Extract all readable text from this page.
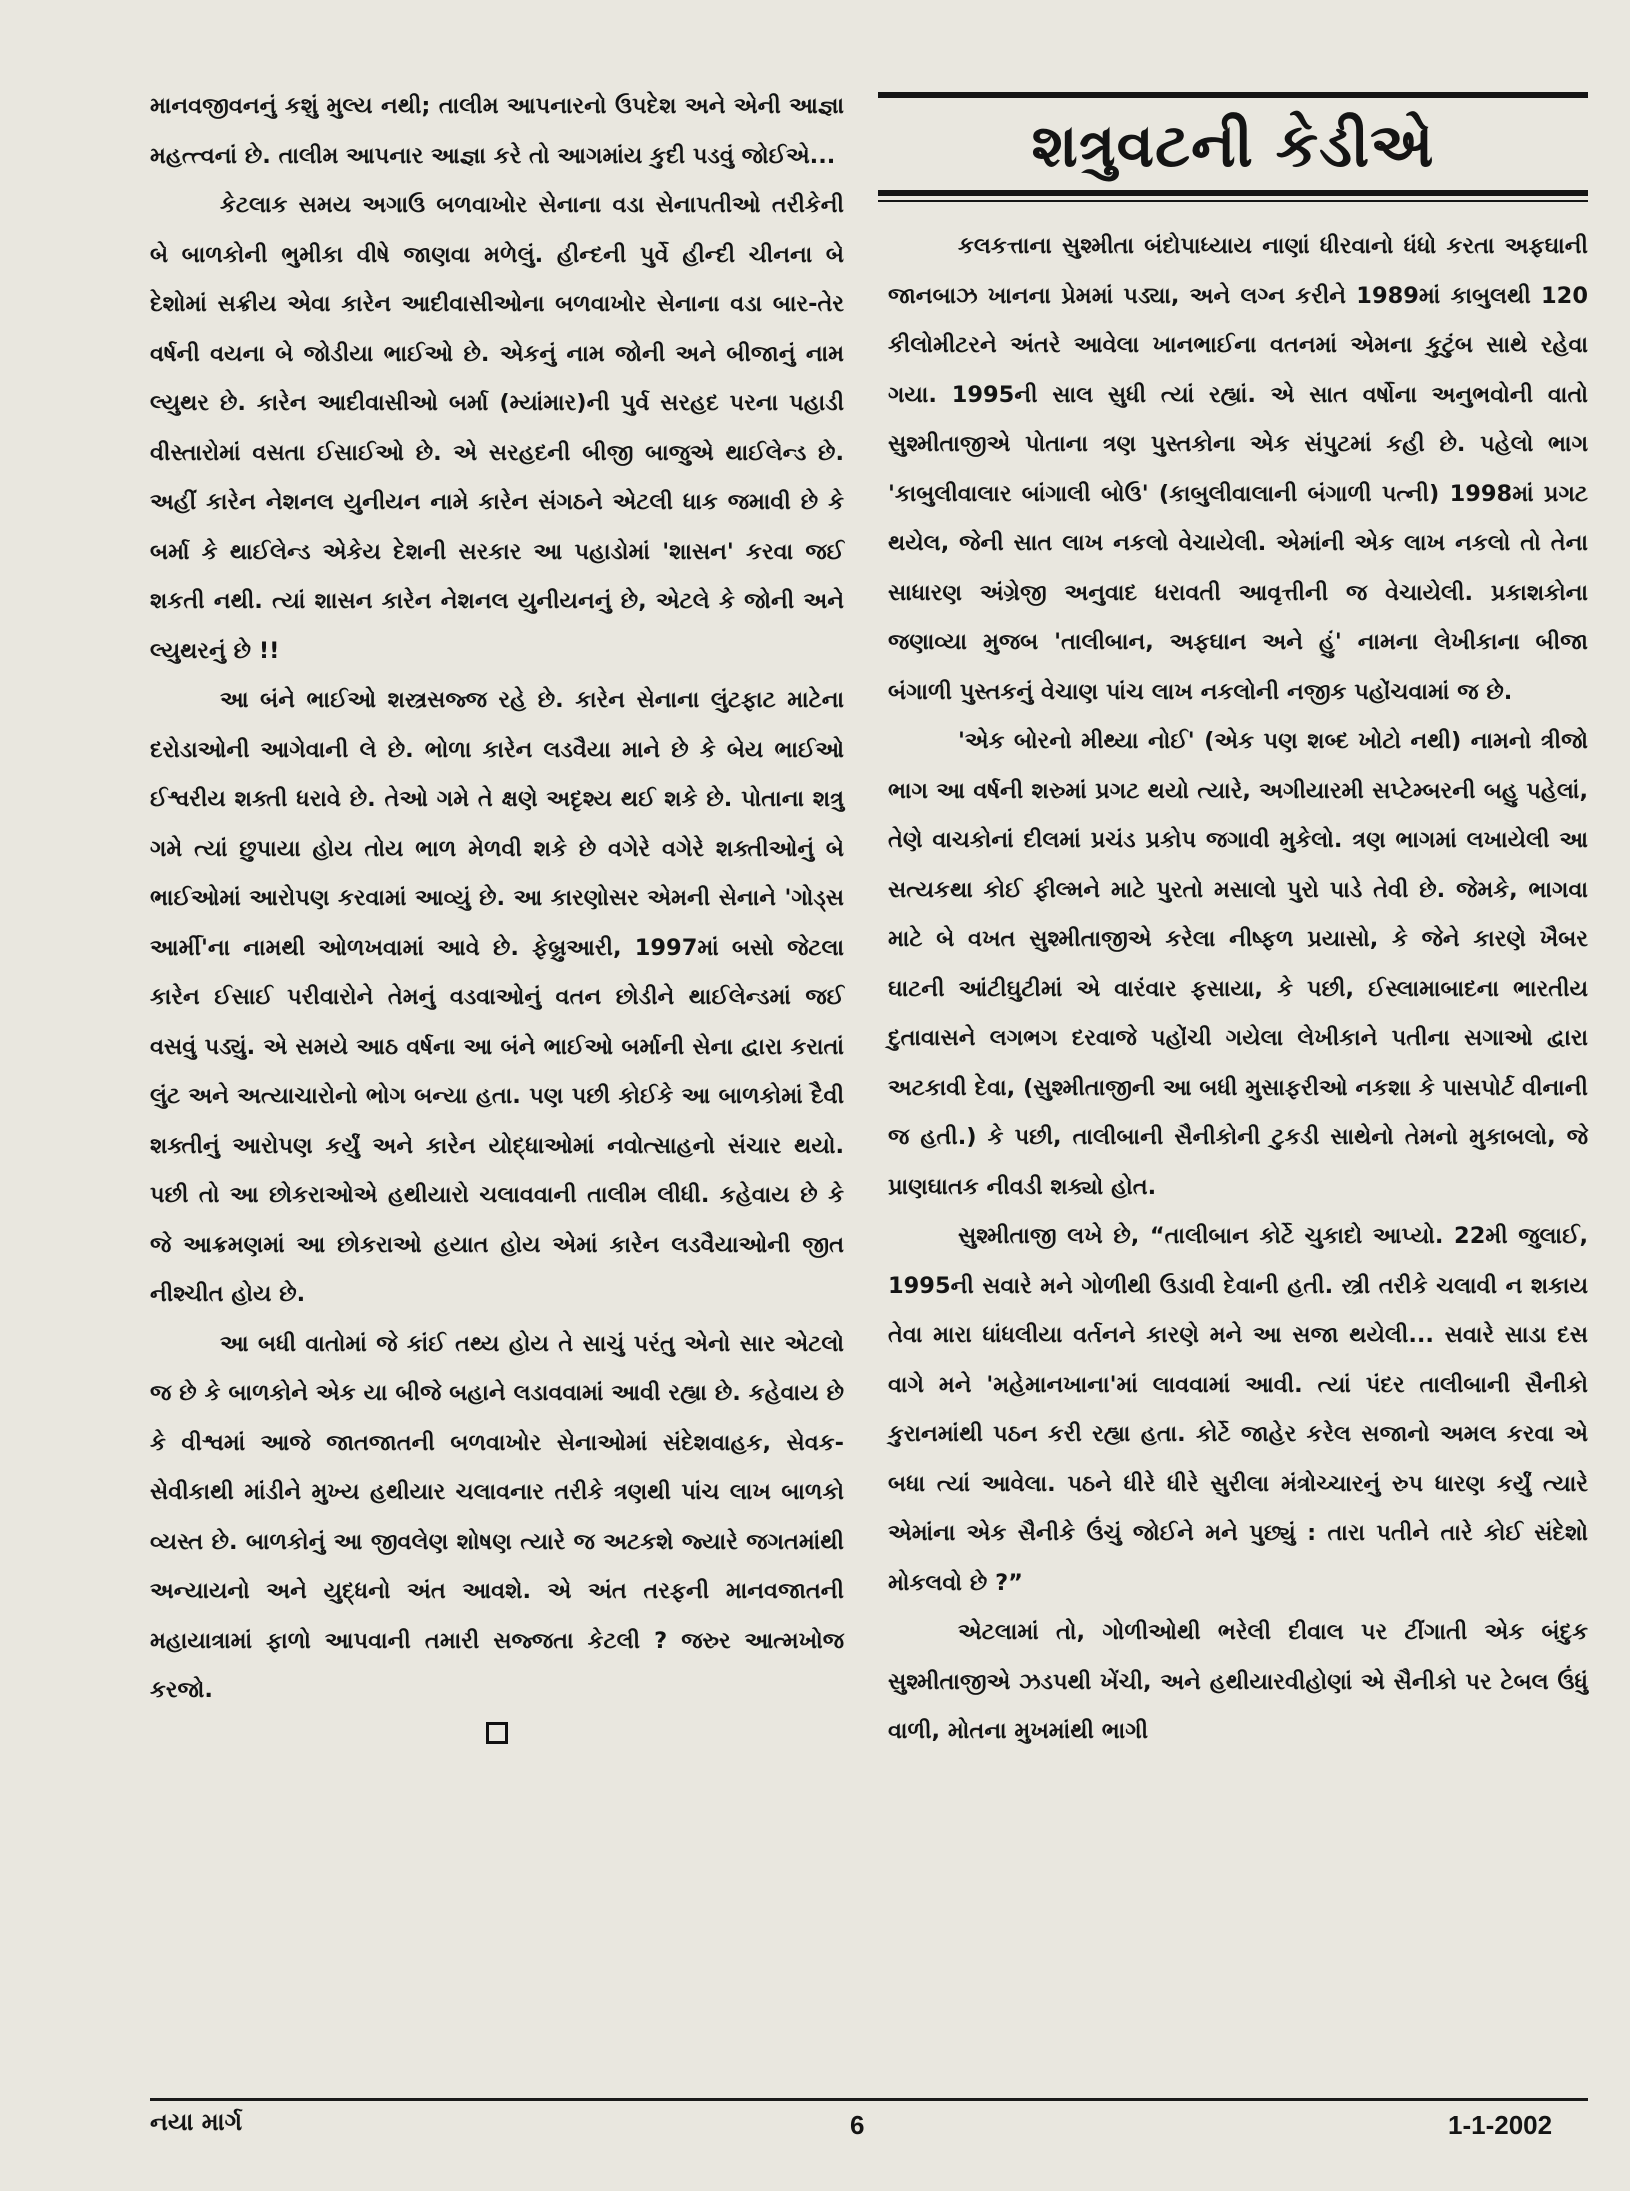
માનવજીવનનું કશું મુલ્ય નથી; તાલીમ આપનારનો ઉપદેશ અને એની આજ્ઞા મહત્ત્વનાં છે. તાલીમ આપનાર આજ્ઞા કરે તો આગમાંય કુદી પડવું જોઈએ...

કેટલાક સમય અગાઉ બળવાખોર સેનાના વડા સેનાપતીઓ તરીકેની બે બાળકોની ભુમીકા વીષે જાણવા મળેલું. હીન્દની પુર્વે હીન્દી ચીનના બે દેશોમાં સક્રીય એવા કારેન આદીવાસીઓના બળવાખોર સેનાના વડા બાર-તેર વર્ષની વયના બે જોડીયા ભાઈઓ છે. એકનું નામ જોની અને બીજાનું નામ લ્યુથર છે. કારેન આદીવાસીઓ બર્મા (મ્યાંમાર)ની પુર્વ સરહદ પરના પહાડી વીસ્તારોમાં વસતા ઈસાઈઓ છે. એ સરહદની બીજી બાજુએ થાઈલેન્ડ છે. અહીં કારેન નેશનલ યુનીયન નામે કારેન સંગઠને એટલી ધાક જમાવી છે કે બર્મા કે થાઈલેન્ડ એકેય દેશની સરકાર આ પહાડોમાં 'શાસન' કરવા જઈ શકતી નથી. ત્યાં શાસન કારેન નેશનલ યુનીયનનું છે, એટલે કે જોની અને લ્યુથરનું છે !!

આ બંને ભાઈઓ શસ્ત્રસજ્જ રહે છે. કારેન સેનાના લુંટફાટ માટેના દરોડાઓની આગેવાની લે છે. ભોળા કારેન લડવૈયા માને છે કે બેય ભાઈઓ ઈશ્વરીય શક્તી ધરાવે છે. તેઓ ગમે તે ક્ષણે અદૃશ્ય થઈ શકે છે. પોતાના શત્રુ ગમે ત્યાં છુપાયા હોય તોય ભાળ મેળવી શકે છે વગેરે વગેરે શક્તીઓનું બે ભાઈઓમાં આરોપણ કરવામાં આવ્યું છે. આ કારણોસર એમની સેનાને 'ગોડ્સ આર્મી'ના નામથી ઓળખવામાં આવે છે. ફેબ્રુઆરી, 1997માં બસો જેટલા કારેન ઈસાઈ પરીવારોને તેમનું વડવાઓનું વતન છોડીને થાઈલેન્ડમાં જઈ વસવું પડ્યું. એ સમયે આઠ વર્ષના આ બંને ભાઈઓ બર્માની સેના દ્વારા કરાતાં લુંટ અને અત્યાચારોનો ભોગ બન્યા હતા. પણ પછી કોઈકે આ બાળકોમાં દૈવી શક્તીનું આરોપણ કર્યું અને કારેન યોદ્ધાઓમાં નવોત્સાહનો સંચાર થયો. પછી તો આ છોકરાઓએ હથીયારો ચલાવવાની તાલીમ લીધી. કહેવાય છે કે જે આક્રમણમાં આ છોકરાઓ હયાત હોય એમાં કારેન લડવૈયાઓની જીત નીશ્ચીત હોય છે.

આ બધી વાતોમાં જે કાંઈ તથ્ય હોય તે સાચું પરંતુ એનો સાર એટલો જ છે કે બાળકોને એક યા બીજે બહાને લડાવવામાં આવી રહ્યા છે. કહેવાય છે કે વીશ્વમાં આજે જાતજાતની બળવાખોર સેનાઓમાં સંદેશવાહક, સેવક-સેવીકાથી માંડીને મુખ્ય હથીયાર ચલાવનાર તરીકે ત્રણથી પાંચ લાખ બાળકો વ્યસ્ત છે. બાળકોનું આ જીવલેણ શોષણ ત્યારે જ અટકશે જ્યારે જગતમાંથી અન્યાયનો અને યુદ્ધનો અંત આવશે. એ અંત તરફની માનવજાતની મહાયાત્રામાં ફાળો આપવાની તમારી સજ્જતા કેટલી ? જરુર આત્મખોજ કરજો.

શત્રુવટની કેડીએ

કલકત્તાના સુશ્મીતા બંદોપાધ્યાય નાણાં ધીરવાનો ધંધો કરતા અફઘાની જાનબાઝ ખાનના પ્રેમમાં પડ્યા, અને લગ્ન કરીને 1989માં કાબુલથી 120 કીલોમીટરને અંતરે આવેલા ખાનભાઈના વતનમાં એમના કુટુંબ સાથે રહેવા ગયા. 1995ની સાલ સુધી ત્યાં રહ્યાં. એ સાત વર્ષોના અનુભવોની વાતો સુશ્મીતાજીએ પોતાના ત્રણ પુસ્તકોના એક સંપુટમાં કહી છે. પહેલો ભાગ 'કાબુલીવાલાર બાંગાલી બોઉ' (કાબુલીવાલાની બંગાળી પત્ની) 1998માં પ્રગટ થયેલ, જેની સાત લાખ નકલો વેચાયેલી. એમાંની એક લાખ નકલો તો તેના સાધારણ અંગ્રેજી અનુવાદ ધરાવતી આવૃત્તીની જ વેચાયેલી. પ્રકાશકોના જણાવ્યા મુજબ 'તાલીબાન, અફઘાન અને હું' નામના લેખીકાના બીજા બંગાળી પુસ્તકનું વેચાણ પાંચ લાખ નકલોની નજીક પહોંચવામાં જ છે.

'એક બોરનો મીથ્યા નોઈ' (એક પણ શબ્દ ખોટો નથી) નામનો ત્રીજો ભાગ આ વર્ષની શરુમાં પ્રગટ થયો ત્યારે, અગીયારમી સપ્ટેમ્બરની બહુ પહેલાં, તેણે વાચકોનાં દીલમાં પ્રચંડ પ્રકોપ જગાવી મુકેલો. ત્રણ ભાગમાં લખાયેલી આ સત્યકથા કોઈ ફીલ્મને માટે પુરતો મસાલો પુરો પાડે તેવી છે. જેમકે, ભાગવા માટે બે વખત સુશ્મીતાજીએ કરેલા નીષ્ફળ પ્રયાસો, કે જેને કારણે ખૈબર ઘાટની આંટીઘુટીમાં એ વારંવાર ફસાયા, કે પછી, ઈસ્લામાબાદના ભારતીય દુતાવાસને લગભગ દરવાજે પહોંચી ગયેલા લેખીકાને પતીના સગાઓ દ્વારા અટકાવી દેવા, (સુશ્મીતાજીની આ બધી મુસાફરીઓ નકશા કે પાસપોર્ટ વીનાની જ હતી.) કે પછી, તાલીબાની સૈનીકોની ટુકડી સાથેનો તેમનો મુકાબલો, જે પ્રાણઘાતક નીવડી શક્યો હોત.

સુશ્મીતાજી લખે છે, “તાલીબાન કોર્ટે ચુકાદો આપ્યો. 22મી જુલાઈ, 1995ની સવારે મને ગોળીથી ઉડાવી દેવાની હતી. સ્ત્રી તરીકે ચલાવી ન શકાય તેવા મારા ધાંધલીયા વર્તનને કારણે મને આ સજા થયેલી... સવારે સાડા દસ વાગે મને 'મહેમાનખાના'માં લાવવામાં આવી. ત્યાં પંદર તાલીબાની સૈનીકો કુરાનમાંથી પઠન કરી રહ્યા હતા. કોર્ટે જાહેર કરેલ સજાનો અમલ કરવા એ બધા ત્યાં આવેલા. પઠને ધીરે ધીરે સુરીલા મંત્રોચ્ચારનું રુપ ધારણ કર્યું ત્યારે એમાંના એક સૈનીકે ઉંચું જોઈને મને પુછ્યું : તારા પતીને તારે કોઈ સંદેશો મોકલવો છે ?”

એટલામાં તો, ગોળીઓથી ભરેલી દીવાલ પર ટીંગાતી એક બંદુક સુશ્મીતાજીએ ઝડપથી ખેંચી, અને હથીયારવીહોણાં એ સૈનીકો પર ટેબલ ઉંધું વાળી, મોતના મુખમાંથી ભાગી

નયા માર્ગ	6	1-1-2002
